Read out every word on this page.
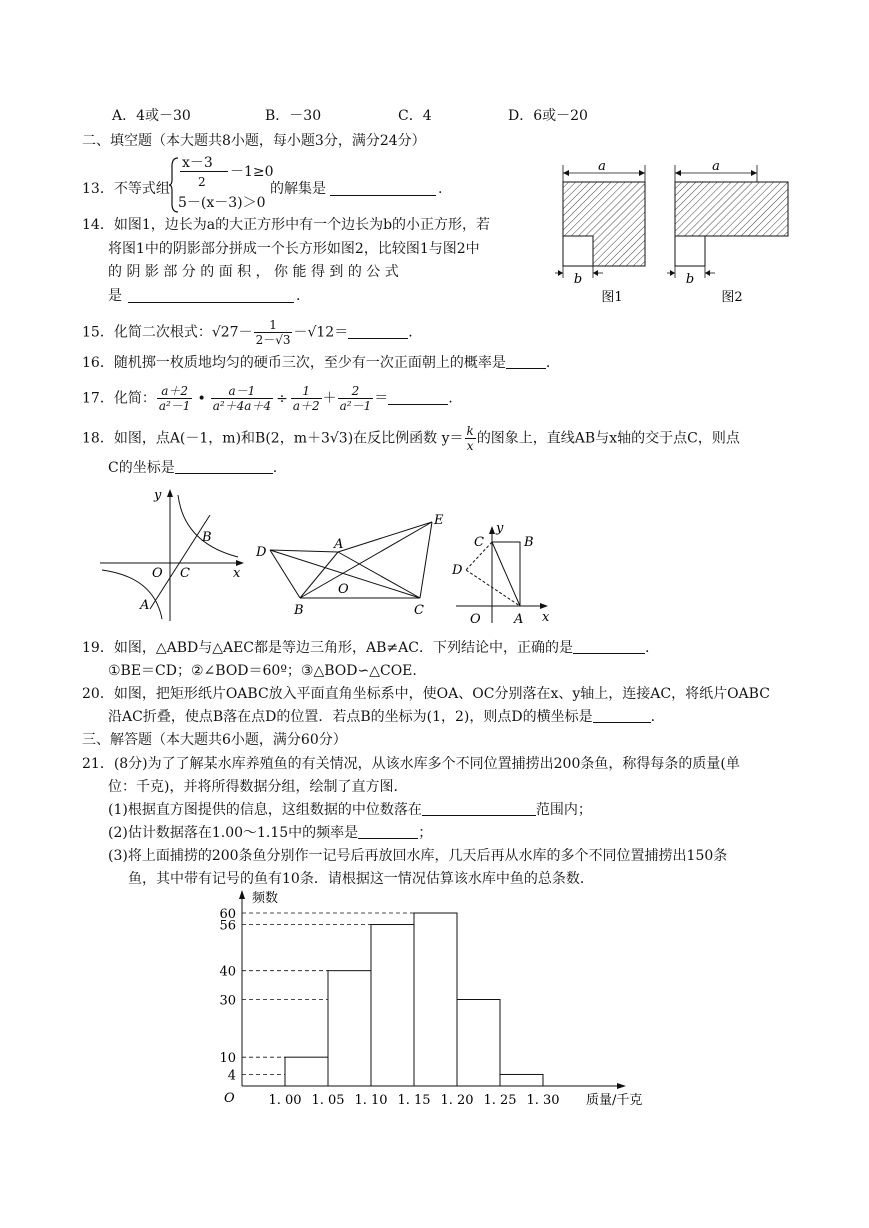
A．4或－30	B．－30	C．4	D．6或－20
二、填空题（本大题共8小题，每小题3分，满分24分）
13．不等式组
x－3
2
－1≥0
5－(x－3)＞0
的解集是	.
14．如图1，边长为a的大正方形中有一个边长为b的小正方形，若
将图1中的阴影部分拼成一个长方形如图2，比较图1与图2中
的 阴 影 部 分 的 面 积 ， 你 能 得 到 的 公 式
是	.
a
b
图1
a
b
图2
15．化简二次根式：$√27- \frac{1}{2-√3} -√12=$	.
16．随机掷一枚质地均匀的硬币三次，至少有一次正面朝上的概率是	.
17．化简： $\frac{a+2}{\text{a²－1}}$ • $\frac{a-1}{\text{a²＋4a＋4}} \div \frac{1}{a+2} + \frac{2}{\text{a²－1}}$ ＝	.
18．如图，点A(－1，m)和B(2，m＋3√3)在反比例函数 $y= \frac{k}{x}$ 的图象上，直线AB与x轴的交于点C，则点
C的坐标是	.
y
x
O C
B
A
D
A
E
O
B	C
y
C	B
D
O	A x
19．如图，△ABD与△AEC都是等边三角形，AB≠AC．下列结论中，正确的是	.
①BE＝CD；②∠BOD＝60º；③△BOD∽△COE.
20．如图，把矩形纸片OABC放入平面直角坐标系中，使OA、OC分别落在x、y轴上，连接AC，将纸片OABC
沿AC折叠，使点B落在点D的位置．若点B的坐标为(1，2)，则点D的横坐标是	.
三、解答题（本大题共6小题，满分60分）
21．(8分)为了了解某水库养殖鱼的有关情况，从该水库多个不同位置捕捞出200条鱼，称得每条的质量(单
位：千克)，并将所得数据分组，绘制了直方图．
(1)根据直方图提供的信息，这组数据的中位数落在	范围内；
(2)估计数据落在1.00～1.15中的频率是	；
(3)将上面捕捞的200条鱼分别作一记号后再放回水库，几天后再从水库的多个不同位置捕捞出150条
鱼，其中带有记号的鱼有10条．请根据这一情况估算该水库中鱼的总条数．
4
10
30
40
56
60
1. 00 1. 05 1. 10 1. 15 1. 20 1. 25 1. 30
频数
质量/千克
O
